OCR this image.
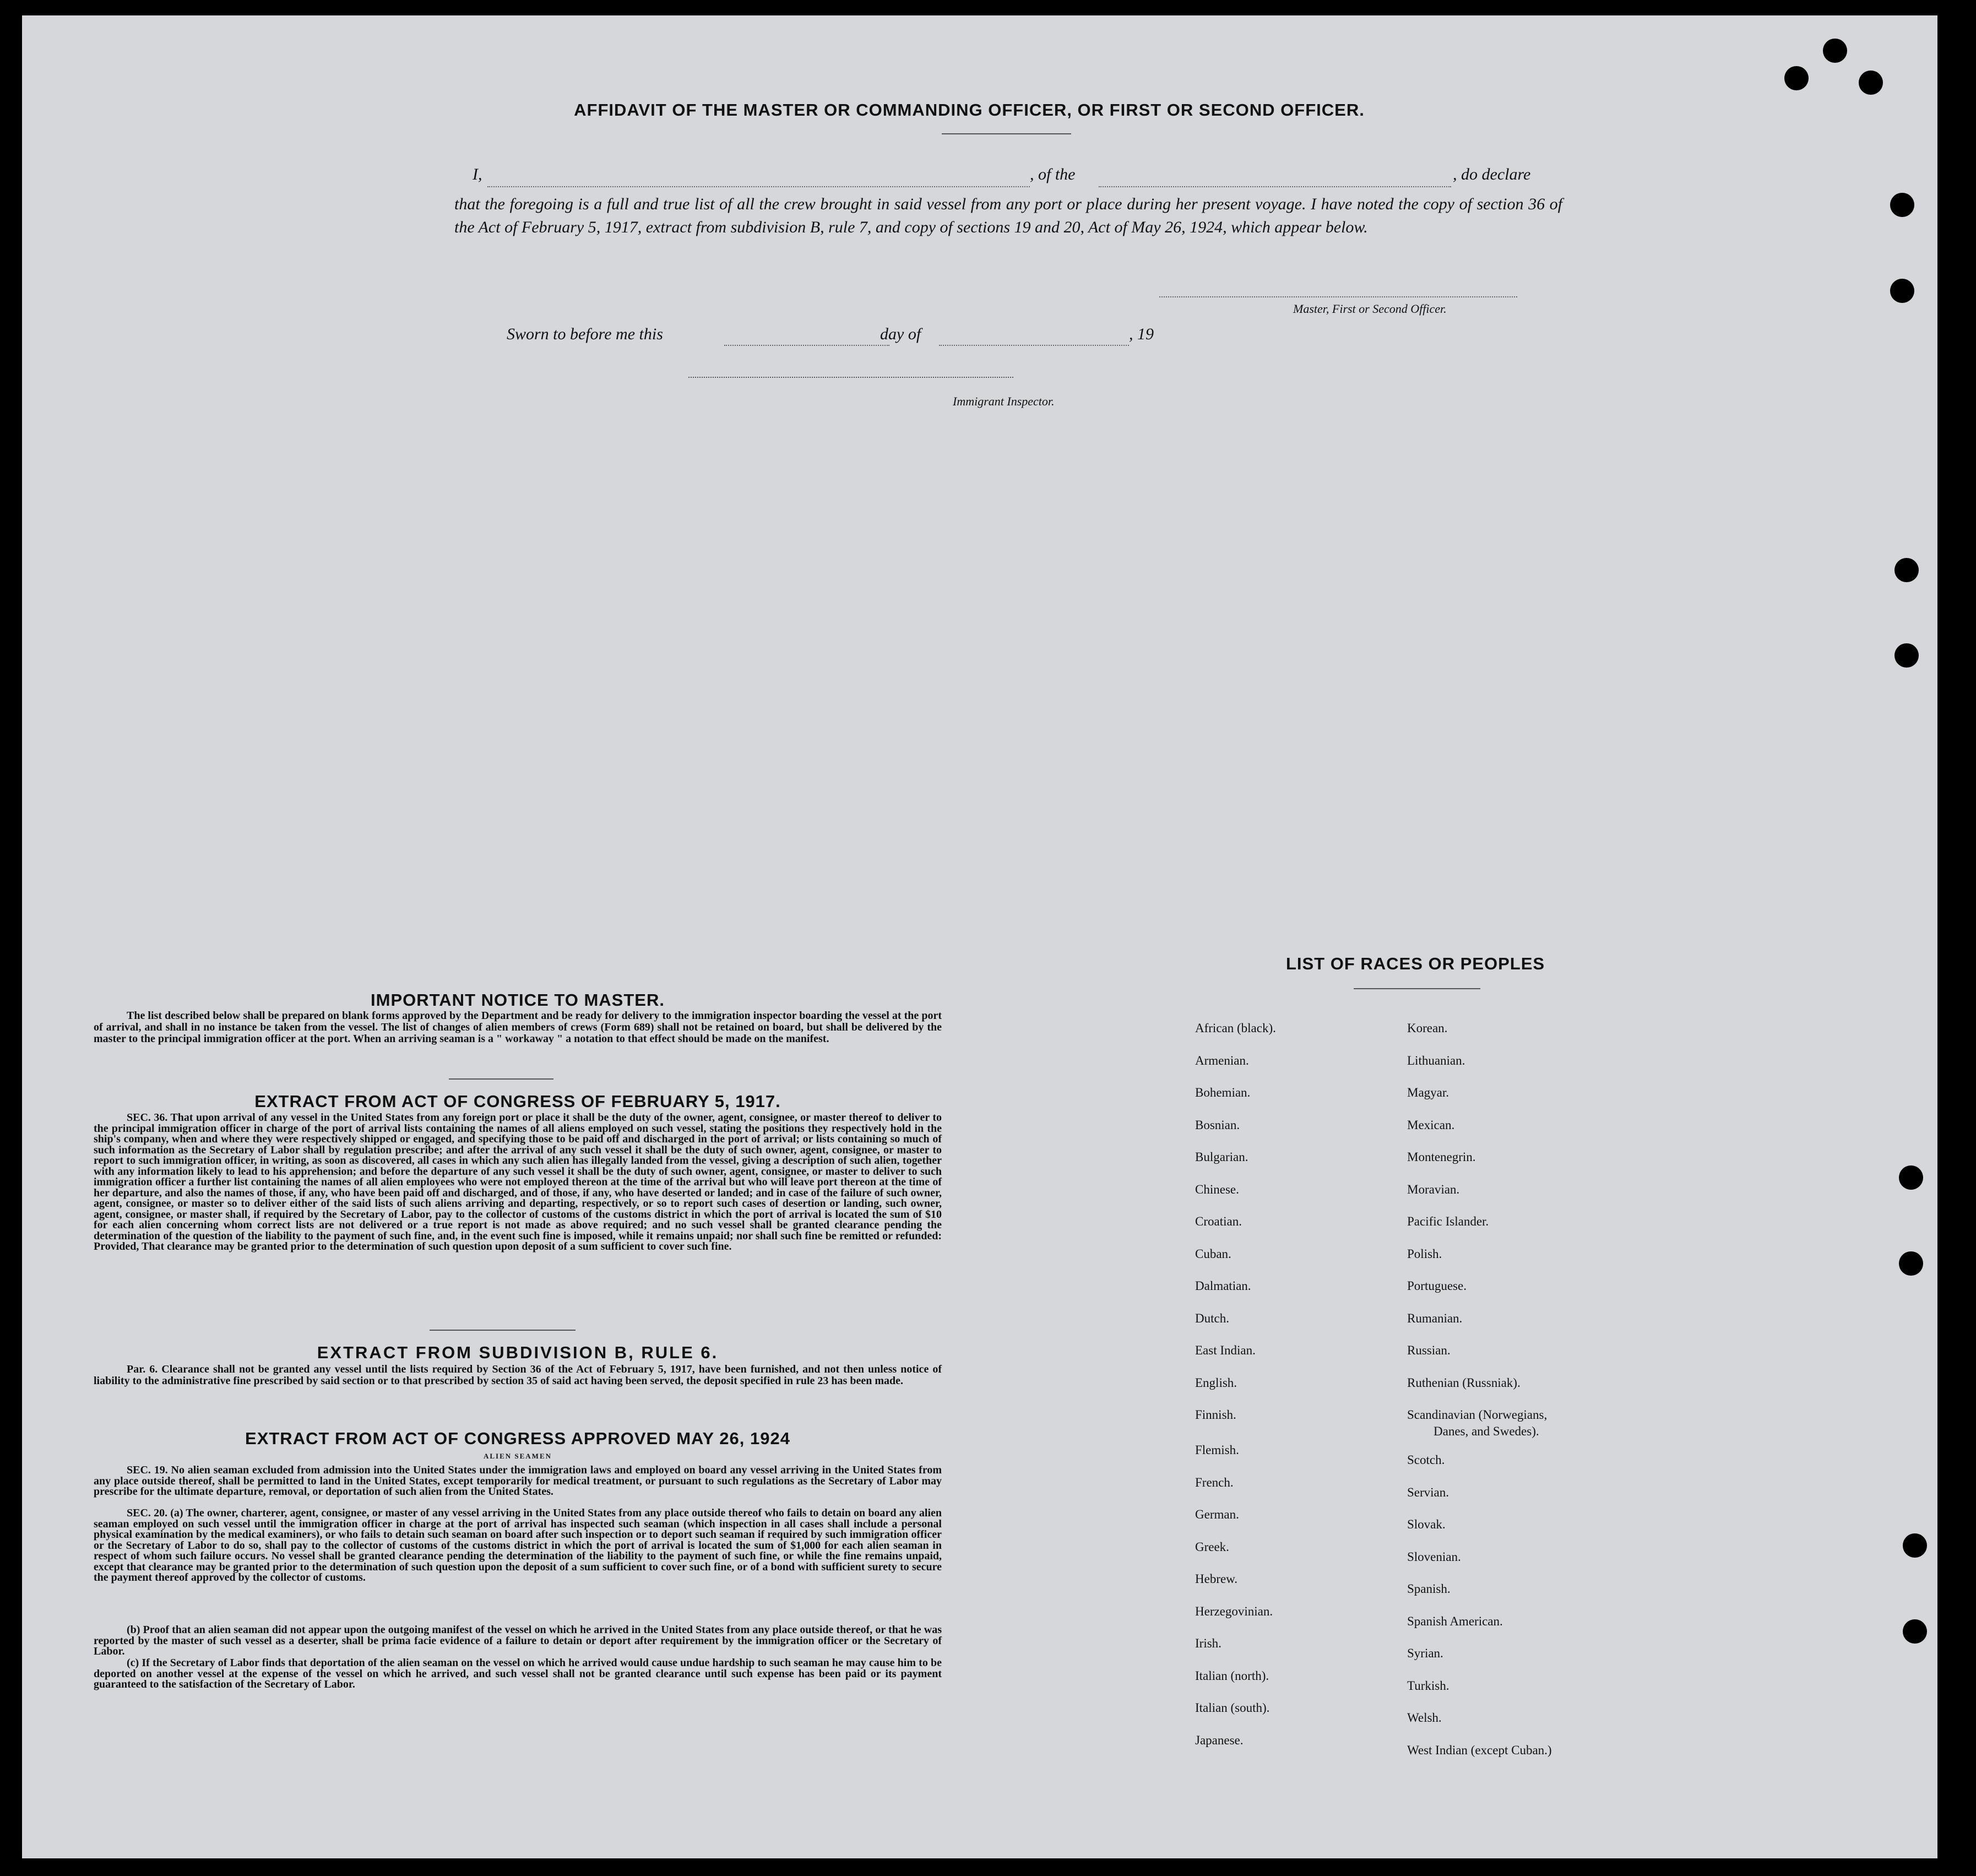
AFFIDAVIT OF THE MASTER OR COMMANDING OFFICER, OR FIRST OR SECOND OFFICER.
I,	, of the	, do declare
that the foregoing is a full and true list of all the crew brought in said vessel from any port or place during her present voyage. I have noted the copy of section 36 of the Act of February 5, 1917, extract from subdivision B, rule 7, and copy of sections 19 and 20, Act of May 26, 1924, which appear below.
Master, First or Second Officer.
Sworn to before me this	day of	, 19
Immigrant Inspector.
IMPORTANT NOTICE TO MASTER.
The list described below shall be prepared on blank forms approved by the Department and be ready for delivery to the immigration inspector boarding the vessel at the port of arrival, and shall in no instance be taken from the vessel. The list of changes of alien members of crews (Form 689) shall not be retained on board, but shall be delivered by the master to the principal immigration officer at the port. When an arriving seaman is a " workaway " a notation to that effect should be made on the manifest.
EXTRACT FROM ACT OF CONGRESS OF FEBRUARY 5, 1917.
SEC. 36. That upon arrival of any vessel in the United States from any foreign port or place it shall be the duty of the owner, agent, consignee, or master thereof to deliver to the principal immigration officer in charge of the port of arrival lists containing the names of all aliens employed on such vessel, stating the positions they respectively hold in the ship's company, when and where they were respectively shipped or engaged, and specifying those to be paid off and discharged in the port of arrival; or lists containing so much of such information as the Secretary of Labor shall by regulation prescribe; and after the arrival of any such vessel it shall be the duty of such owner, agent, consignee, or master to report to such immigration officer, in writing, as soon as discovered, all cases in which any such alien has illegally landed from the vessel, giving a description of such alien, together with any information likely to lead to his apprehension; and before the departure of any such vessel it shall be the duty of such owner, agent, consignee, or master to deliver to such immigration officer a further list containing the names of all alien employees who were not employed thereon at the time of the arrival but who will leave port thereon at the time of her departure, and also the names of those, if any, who have been paid off and discharged, and of those, if any, who have deserted or landed; and in case of the failure of such owner, agent, consignee, or master so to deliver either of the said lists of such aliens arriving and departing, respectively, or so to report such cases of desertion or landing, such owner, agent, consignee, or master shall, if required by the Secretary of Labor, pay to the collector of customs of the customs district in which the port of arrival is located the sum of $10 for each alien concerning whom correct lists are not delivered or a true report is not made as above required; and no such vessel shall be granted clearance pending the determination of the question of the liability to the payment of such fine, and, in the event such fine is imposed, while it remains unpaid; nor shall such fine be remitted or refunded: Provided, That clearance may be granted prior to the determination of such question upon deposit of a sum sufficient to cover such fine.
EXTRACT FROM SUBDIVISION B, RULE 6.
Par. 6. Clearance shall not be granted any vessel until the lists required by Section 36 of the Act of February 5, 1917, have been furnished, and not then unless notice of liability to the administrative fine prescribed by said section or to that prescribed by section 35 of said act having been served, the deposit specified in rule 23 has been made.
EXTRACT FROM ACT OF CONGRESS APPROVED MAY 26, 1924
ALIEN SEAMEN
SEC. 19. No alien seaman excluded from admission into the United States under the immigration laws and employed on board any vessel arriving in the United States from any place outside thereof, shall be permitted to land in the United States, except temporarily for medical treatment, or pursuant to such regulations as the Secretary of Labor may prescribe for the ultimate departure, removal, or deportation of such alien from the United States.
SEC. 20. (a) The owner, charterer, agent, consignee, or master of any vessel arriving in the United States from any place outside thereof who fails to detain on board any alien seaman employed on such vessel until the immigration officer in charge at the port of arrival has inspected such seaman (which inspection in all cases shall include a personal physical examination by the medical examiners), or who fails to detain such seaman on board after such inspection or to deport such seaman if required by such immigration officer or the Secretary of Labor to do so, shall pay to the collector of customs of the customs district in which the port of arrival is located the sum of $1,000 for each alien seaman in respect of whom such failure occurs. No vessel shall be granted clearance pending the determination of the liability to the payment of such fine, or while the fine remains unpaid, except that clearance may be granted prior to the determination of such question upon the deposit of a sum sufficient to cover such fine, or of a bond with sufficient surety to secure the payment thereof approved by the collector of customs.
(b) Proof that an alien seaman did not appear upon the outgoing manifest of the vessel on which he arrived in the United States from any place outside thereof, or that he was reported by the master of such vessel as a deserter, shall be prima facie evidence of a failure to detain or deport after requirement by the immigration officer or the Secretary of Labor.
(c) If the Secretary of Labor finds that deportation of the alien seaman on the vessel on which he arrived would cause undue hardship to such seaman he may cause him to be deported on another vessel at the expense of the vessel on which he arrived, and such vessel shall not be granted clearance until such expense has been paid or its payment guaranteed to the satisfaction of the Secretary of Labor.
LIST OF RACES OR PEOPLES
African (black).
Armenian.
Bohemian.
Bosnian.
Bulgarian.
Chinese.
Croatian.
Cuban.
Dalmatian.
Dutch.
East Indian.
English.
Finnish.
Flemish.
French.
German.
Greek.
Hebrew.
Herzegovinian.
Irish.
Italian (north).
Italian (south).
Japanese.
Korean.
Lithuanian.
Magyar.
Mexican.
Montenegrin.
Moravian.
Pacific Islander.
Polish.
Portuguese.
Rumanian.
Russian.
Ruthenian (Russniak).
Scandinavian (Norwegians,
Danes, and Swedes).
Scotch.
Servian.
Slovak.
Slovenian.
Spanish.
Spanish American.
Syrian.
Turkish.
Welsh.
West Indian (except Cuban.)
